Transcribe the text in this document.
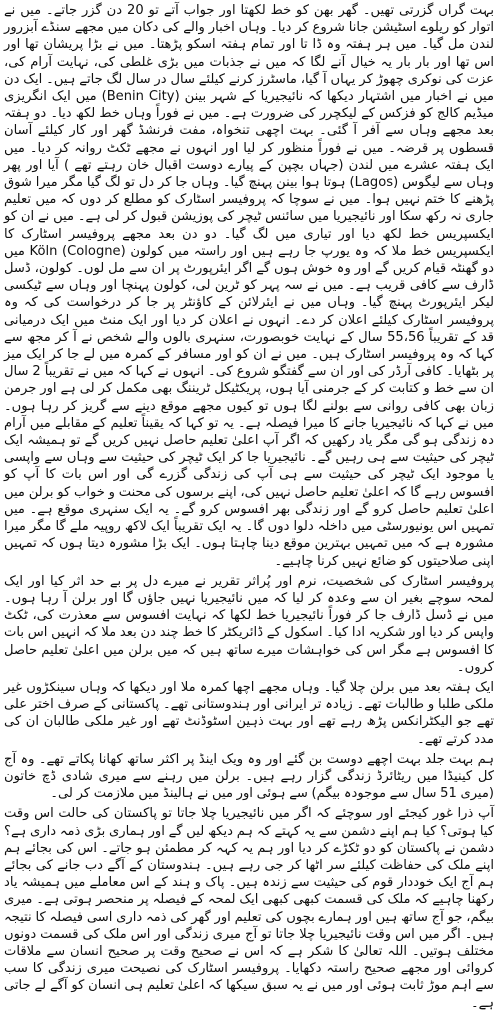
بہت گراں گزرتی تھیں۔ گھر بھن کو خط لکھتا اور جواب آتے تو 20 دن گزر جاتے۔ میں نے اتوار کو ریلوے اسٹیشن جانا شروع کر دیا۔ وہاں اخبار والے کی دکان میں مجھے سنڈے آبزرور لندن مل گیا۔ میں ہر ہفتہ وہ ڈا تا اور تمام ہفتہ اسکو پڑھتا۔ میں نے بڑا پریشان تھا اور اس تھا اور بار بار یہ خیال آنے لگا کہ میں نے جذبات میں بڑی غلطی کی، نہایت آرام کی، عزت کی نوکری چھوڑ کر یہاں آ گیا، ماسٹرز کرنے کیلئے سال در سال لگ جاتے ہیں۔ ایک دن میں نے اخبار میں اشتہار دیکھا کہ نائیجیریا کے شہر بینن (Benin City) میں ایک انگریزی میڈیم کالج کو فزکس کے لیکچرر کی ضرورت ہے۔ میں نے فوراً وہاں خط لکھ دیا۔ دو ہفتہ بعد مجھے وہاں سے آفر آ گئی۔ بہت اچھی تنخواہ، مفت فرنشڈ گھر اور کار کیلئے آسان قسطوں پر قرضہ۔ میں نے فوراً منظور کر لیا اور انہوں نے مجھے ٹکٹ روانہ کر دیا۔ میں ایک ہفتہ عشرے میں لندن (جہاں بچپن کے پیارے دوست اقبال خان رہتے تھے ) آیا اور پھر وہاں سے لیگوس (Lagos) ہوتا ہوا بینن پہنچ گیا۔ وہاں جا کر دل تو لگ گیا مگر میرا شوق پڑھنے کا ختم نہیں ہوا۔ میں نے سوچا کہ پروفیسر اسٹارک کو مطلع کر دوں کہ میں تعلیم جاری نہ رکھ سکا اور نائیجیریا میں سائنس ٹیچر کی پوزیشن قبول کر لی ہے۔ میں نے ان کو ایکسپریس خط لکھ دیا اور تیاری میں لگ گیا۔ دو دن بعد مجھے پروفیسر اسٹارک کا ایکسپریس خط ملا کہ وہ یورپ جا رہے ہیں اور راستہ میں کولون (Cologne) Köln میں دو گھنٹہ قیام کریں گے اور وہ خوش ہوں گے اگر ایئرپورٹ پر ان سے مل لوں۔ کولون، ڈسل ڈارف سے کافی قریب ہے۔ میں نے سہ پہر کو ٹرین لی، کولون پہنچا اور وہاں سے ٹیکسی لیکر ایئرپورٹ پہنچ گیا۔ وہاں میں نے ایئرلائن کے کاؤنٹر پر جا کر درخواست کی کہ وہ پروفیسر اسٹارک کیلئے اعلان کر دے۔ انہوں نے اعلان کر دیا اور ایک منٹ میں ایک درمیانی قد کے تقریباً 55،56 سال کے نہایت خوبصورت، سنہری بالوں والے شخص نے آ کر مجھ سے کہا کہ وہ پروفیسر اسٹارک ہیں۔ میں نے ان کو اور مسافر کے کمرہ میں لے جا کر ایک میز پر بٹھایا۔ کافی آرڈر کی اور ان سے گفتگو شروع کی۔ انہوں نے کہا کہ میں نے تقریباً 2 سال ان سے خط و کتابت کر کے جرمنی آیا ہوں، پریکٹیکل ٹریننگ بھی مکمل کر لی ہے اور جرمن زبان بھی کافی روانی سے بولنے لگا ہوں تو کیوں مجھے موقع دینے سے گریز کر رہا ہوں۔ میں نے کہا کہ نائیجیریا جانے کا میرا فیصلہ ہے۔ یہ تو کہا کہ یقیناً تعلیم کے مقابلے میں آرام دہ زندگی ہو گی مگر یاد رکھیں کہ اگر آپ اعلیٰ تعلیم حاصل نہیں کریں گے تو ہمیشہ ایک ٹیچر کی حیثیت سے ہی رہیں گے۔ نائیجیریا جا کر ایک ٹیچر کی حیثیت سے وہاں سے واپسی یا موجود ایک ٹیچر کی حیثیت سے ہی آپ کی زندگی گزرے گی اور اس بات کا آپ کو افسوس رہے گا کہ اعلیٰ تعلیم حاصل نہیں کی، اپنے برسوں کی محنت و خواب کو برلن میں اعلیٰ تعلیم حاصل کرو گے اور زندگی بھر افسوس کرو گے۔ یہ ایک سنہری موقع ہے۔ میں تمہیں اس یونیورسٹی میں داخلہ دلوا دوں گا۔ یہ ایک تقریباً ایک لاکھ روپیہ ملے گا مگر میرا مشورہ ہے کہ میں تمہیں بہترین موقع دینا چاہتا ہوں۔ ایک بڑا مشورہ دیتا ہوں کہ تمہیں اپنی صلاحیتوں کو ضائع نہیں کرنا چاہیے۔

پروفیسر اسٹارک کی شخصیت، نرم اور پُراثر تقریر نے میرے دل پر بے حد اثر کیا اور ایک لمحہ سوچے بغیر ان سے وعدہ کر لیا کہ میں نائیجیریا نہیں جاؤں گا اور برلن آ رہا ہوں۔ میں نے ڈسل ڈارف جا کر فوراً نائیجیریا خط لکھا کہ نہایت افسوس سے معذرت کی، ٹکٹ واپس کر دیا اور شکریہ ادا کیا۔ اسکول کے ڈائریکٹر کا خط چند دن بعد ملا کہ انہیں اس بات کا افسوس ہے مگر اس کی خواہشات میرے ساتھ ہیں کہ میں برلن میں اعلیٰ تعلیم حاصل کروں۔

ایک ہفتہ بعد میں برلن چلا گیا۔ وہاں مجھے اچھا کمرہ ملا اور دیکھا کہ وہاں سینکڑوں غیر ملکی طلبا و طالبات تھے۔ زیادہ تر ایرانی اور ہندوستانی تھے۔ پاکستانی کے صرف اختر علی تھے جو الیکٹرانکس پڑھ رہے تھے اور بہت ذہین اسٹوڈنٹ تھے اور غیر ملکی طالبان ان کی مدد کرتے تھے۔

ہم بہت جلد بہت اچھے دوست بن گئے اور وہ ویک اینڈ پر اکثر ساتھ کھانا پکاتے تھے۔ وہ آج کل کینیڈا میں ریٹائرڈ زندگی گزار رہے ہیں۔ برلن میں رہنے سے میری شادی ڈچ خاتون (میری 51 سال سے موجودہ بیگم) سے ہوئی اور میں نے ہالینڈ میں ملازمت کر لی۔

آپ ذرا غور کیجئے اور سوچئے کہ اگر میں نائیجیریا چلا جاتا تو پاکستان کی حالت اس وقت کیا ہوتی؟ کیا ہم اپنے دشمن سے یہ کہتے کہ ہم دیکھ لیں گے اور ہماری بڑی ذمہ داری ہے؟ دشمن نے پاکستان کو دو ٹکڑے کر دیا اور ہم یہ کہہ کر مطمئن ہو جاتے۔ اس کی بجائے ہم اپنے ملک کی حفاظت کیلئے سر اٹھا کر جی رہے ہیں۔ ہندوستان کے آگے دب جانے کی بجائے ہم آج ایک خوددار قوم کی حیثیت سے زندہ ہیں۔ پاک و ہند کے اس معاملے میں ہمیشہ یاد رکھنا چاہیے کہ ملک کی قسمت کبھی کبھی ایک لمحہ کے فیصلہ پر منحصر ہوتی ہے۔ میری بیگم، جو آج ساتھ ہیں اور ہمارے بچوں کی تعلیم اور گھر کی ذمہ داری اسی فیصلہ کا نتیجہ ہیں۔ اگر میں اس وقت نائیجیریا چلا جاتا تو آج میری زندگی اور اس ملک کی قسمت دونوں مختلف ہوتیں۔ اللہ تعالیٰ کا شکر ہے کہ اس نے صحیح وقت پر صحیح انسان سے ملاقات کروائی اور مجھے صحیح راستہ دکھایا۔ پروفیسر اسٹارک کی نصیحت میری زندگی کا سب سے اہم موڑ ثابت ہوئی اور میں نے یہ سبق سیکھا کہ اعلیٰ تعلیم ہی انسان کو آگے لے جاتی ہے۔
